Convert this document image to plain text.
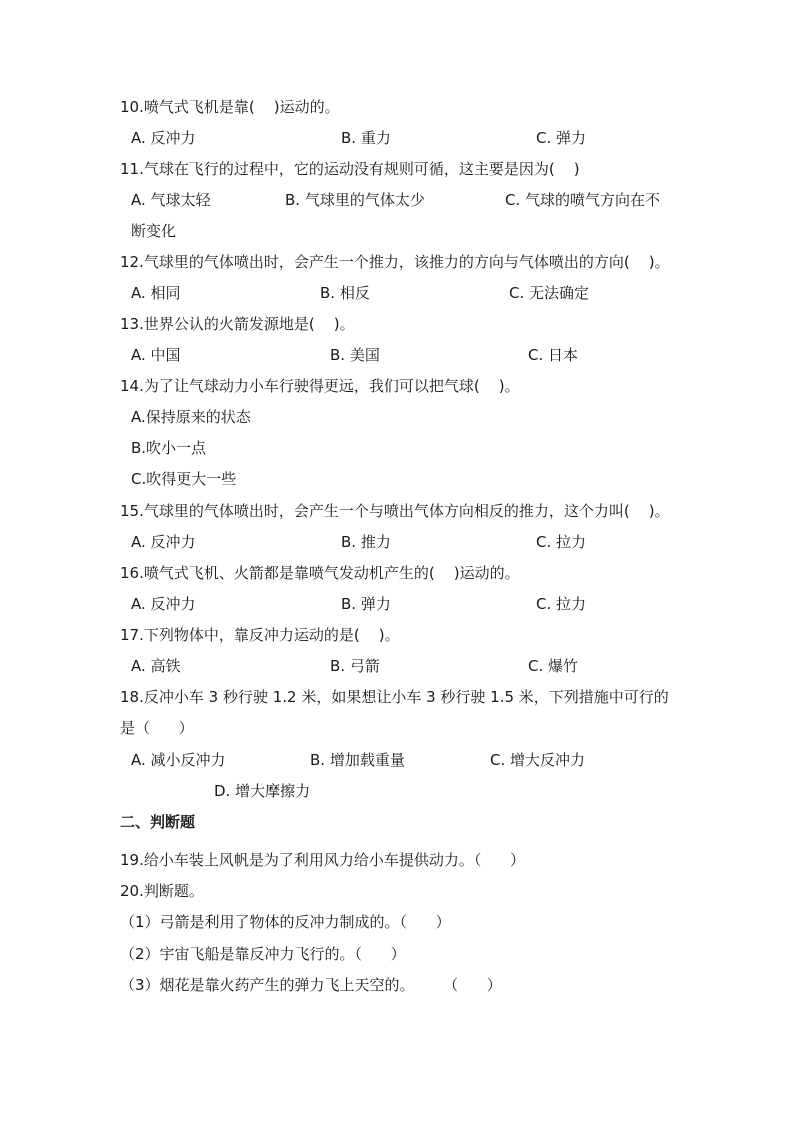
10.喷气式飞机是靠(    )运动的。
A. 反冲力	B. 重力	C. 弹力
11.气球在飞行的过程中，它的运动没有规则可循，这主要是因为(    )
A. 气球太轻	B. 气球里的气体太少	C. 气球的喷气方向在不
断变化
12.气球里的气体喷出时，会产生一个推力，该推力的方向与气体喷出的方向(    )。
A. 相同	B. 相反	C. 无法确定
13.世界公认的火箭发源地是(    )。
A. 中国	B. 美国	C. 日本
14.为了让气球动力小车行驶得更远，我们可以把气球(    )。
A.保持原来的状态
B.吹小一点
C.吹得更大一些
15.气球里的气体喷出时，会产生一个与喷出气体方向相反的推力，这个力叫(    )。
A. 反冲力	B. 推力	C. 拉力
16.喷气式飞机、火箭都是靠喷气发动机产生的(    )运动的。
A. 反冲力	B. 弹力	C. 拉力
17.下列物体中，靠反冲力运动的是(    )。
A. 高铁	B. 弓箭	C. 爆竹
18.反冲小车 3 秒行驶 1.2 米，如果想让小车 3 秒行驶 1.5 米，下列措施中可行的
是（      ）
A. 减小反冲力	B. 增加载重量	C. 增大反冲力
D. 增大摩擦力
二、判断题
19.给小车装上风帆是为了利用风力给小车提供动力。（      ）
20.判断题。
（1）弓箭是利用了物体的反冲力制成的。（      ）
（2）宇宙飞船是靠反冲力飞行的。（      ）
（3）烟花是靠火药产生的弹力飞上天空的。      （      ）
